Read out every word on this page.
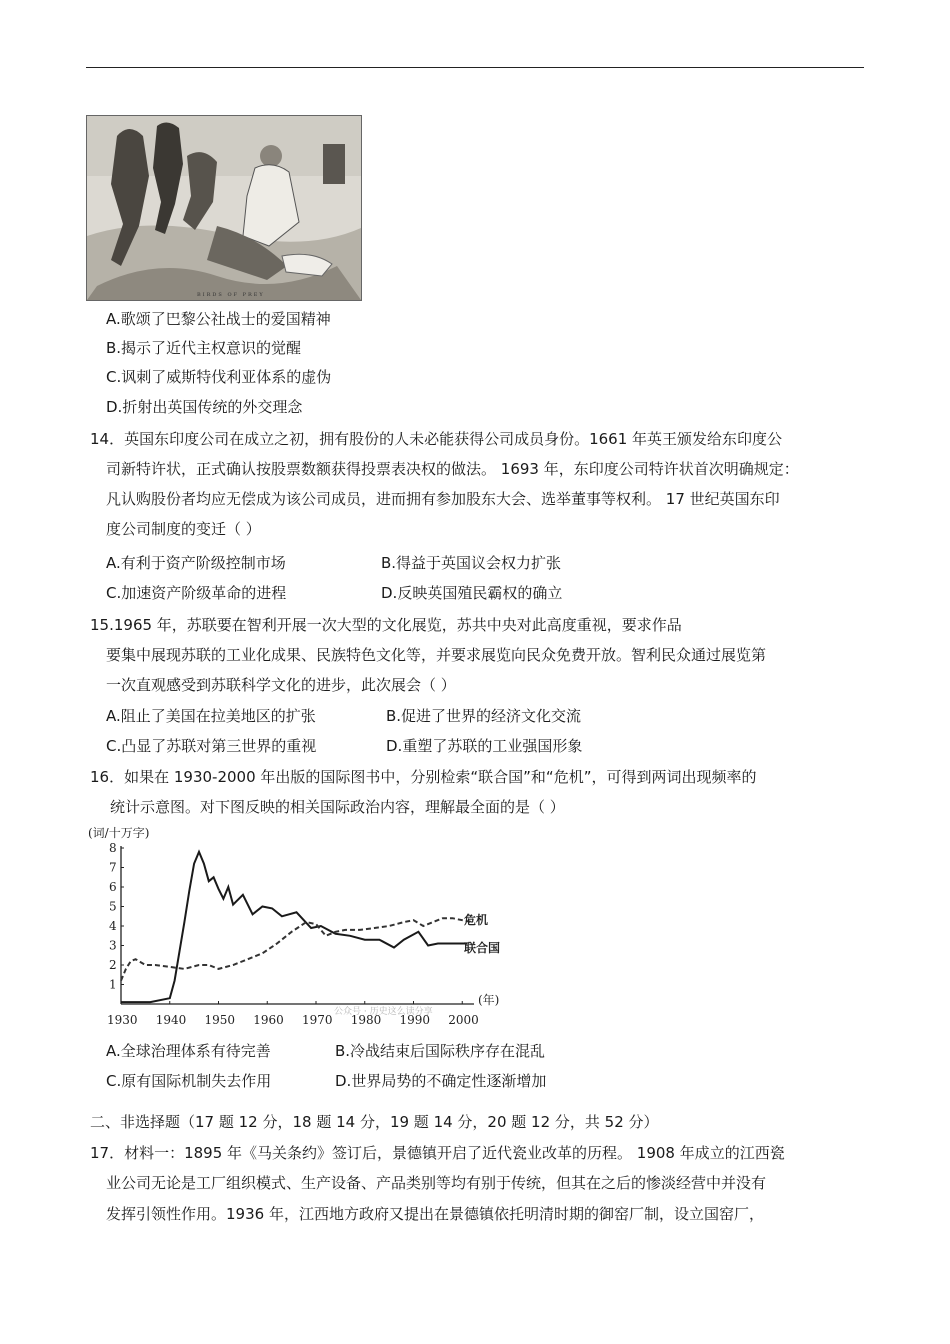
BIRDS OF PREY
A.歌颂了巴黎公社战士的爱国精神
B.揭示了近代主权意识的觉醒
C.讽刺了威斯特伐利亚体系的虚伪
D.折射出英国传统的外交理念
14．英国东印度公司在成立之初，拥有股份的人未必能获得公司成员身份。1661 年英王颁发给东印度公
司新特许状，正式确认按股票数额获得投票表决权的做法。 1693 年，东印度公司特许状首次明确规定：
凡认购股份者均应无偿成为该公司成员，进而拥有参加股东大会、选举董事等权利。 17 世纪英国东印
度公司制度的变迁（ ）
A.有利于资产阶级控制市场	B.得益于英国议会权力扩张
C.加速资产阶级革命的进程	D.反映英国殖民霸权的确立
15.1965 年，苏联要在智利开展一次大型的文化展览，苏共中央对此高度重视，要求作品
要集中展现苏联的工业化成果、民族特色文化等，并要求展览向民众免费开放。智利民众通过展览第
一次直观感受到苏联科学文化的进步，此次展会（ ）
A.阻止了美国在拉美地区的扩张	B.促进了世界的经济文化交流
C.凸显了苏联对第三世界的重视	D.重塑了苏联的工业强国形象
16．如果在 1930-2000 年出版的国际图书中，分别检索“联合国”和“危机”，可得到两词出现频率的
统计示意图。对下图反映的相关国际政治内容，理解最全面的是（ ）
(词/十万字)
1
2
3
4
5
6
7
8
1930 1940 1950 1960 1970 1980 1990 2000
(年)
公众号 · 历史这么读分享
危机
联合国
A.全球治理体系有待完善	B.冷战结束后国际秩序存在混乱
C.原有国际机制失去作用	D.世界局势的不确定性逐渐增加
二、非选择题（17 题 12 分，18 题 14 分，19 题 14 分，20 题 12 分，共 52 分）
17．材料一：1895 年《马关条约》签订后，景德镇开启了近代瓷业改革的历程。 1908 年成立的江西瓷
业公司无论是工厂组织模式、生产设备、产品类别等均有别于传统，但其在之后的惨淡经营中并没有
发挥引领性作用。1936 年，江西地方政府又提出在景德镇依托明清时期的御窑厂制，设立国窑厂，
